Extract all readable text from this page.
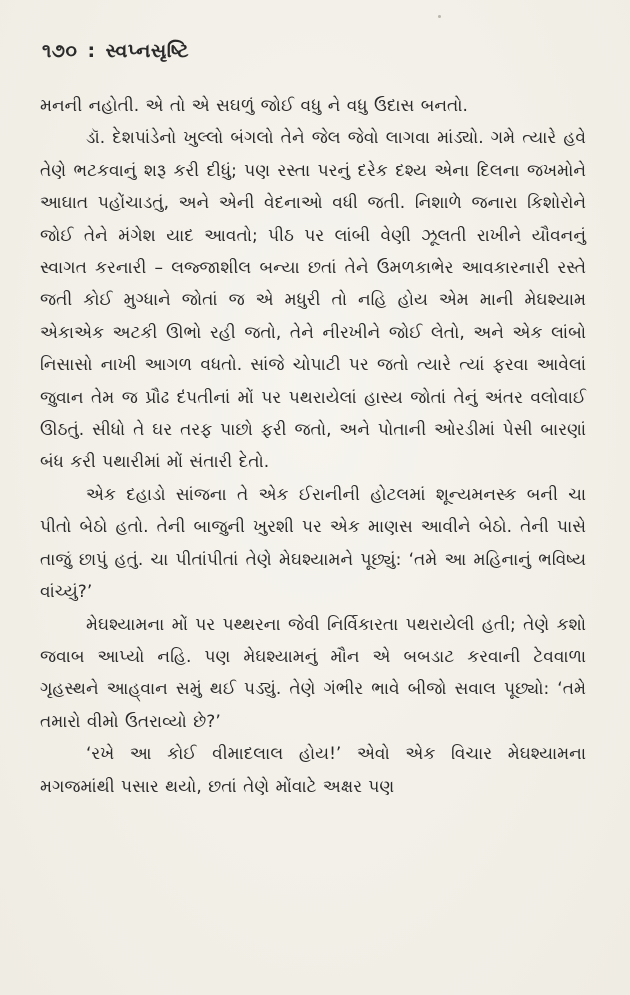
૧૭૦ : સ્વપ્નસૃષ્ટિ

મનની નહોતી. એ તો એ સઘળું જોઈ વધુ ને વધુ ઉદાસ બનતો.

ડૉ. દેશપાંડેનો ખુલ્લો બંગલો તેને જેલ જેવો લાગવા માંડ્યો. ગમે ત્યારે હવે તેણે ભટકવાનું શરૂ કરી દીધું; પણ રસ્તા પરનું દરેક દશ્ય એના દિલના જખમોને આઘાત પહોંચાડતું, અને એની વેદનાઓ વધી જતી. નિશાળે જનારા કિશોરોને જોઈ તેને મંગેશ યાદ આવતો; પીઠ પર લાંબી વેણી ઝૂલતી રાખીને યૌવનનું સ્વાગત કરનારી – લજ્જાશીલ બન્યા છતાં તેને ઉમળકાભેર આવકારનારી રસ્તે જતી કોઈ મુગ્ધાને જોતાં જ એ મધુરી તો નહિ હોય એમ માની મેઘશ્યામ એકાએક અટકી ઊભો રહી જતો, તેને નીરખીને જોઈ લેતો, અને એક લાંબો નિસાસો નાખી આગળ વધતો. સાંજે ચોપાટી પર જતો ત્યારે ત્યાં ફરવા આવેલાં જુવાન તેમ જ પ્રૌઢ દંપતીનાં મોં પર પથરાયેલાં હાસ્ય જોતાં તેનું અંતર વલોવાઈ ઊઠતું. સીધો તે ઘર તરફ પાછો ફરી જતો, અને પોતાની ઓરડીમાં પેસી બારણાં બંધ કરી પથારીમાં મોં સંતારી દેતો.

એક દહાડો સાંજના તે એક ઈરાનીની હોટલમાં શૂન્યમનસ્ક બની ચા પીતો બેઠો હતો. તેની બાજુની ખુરશી પર એક માણસ આવીને બેઠો. તેની પાસે તાજું છાપું હતું. ચા પીતાંપીતાં તેણે મેઘશ્યામને પૂછ્યું: ‘તમે આ મહિનાનું ભવિષ્ય વાંચ્યું?’

મેઘશ્યામના મોં પર પથ્થરના જેવી નિર્વિકારતા પથરાયેલી હતી; તેણે કશો જવાબ આપ્યો નહિ. પણ મેઘશ્યામનું મૌન એ બબડાટ કરવાની ટેવવાળા ગૃહસ્થને આહ્‌વાન સમું થઈ પડ્યું. તેણે ગંભીર ભાવે બીજો સવાલ પૂછ્યો: ‘તમે તમારો વીમો ઉતરાવ્યો છે?’

‘રખે આ કોઈ વીમાદલાલ હોય!’ એવો એક વિચાર મેઘશ્યામના મગજમાંથી પસાર થયો, છતાં તેણે મોંવાટે અક્ષર પણ
